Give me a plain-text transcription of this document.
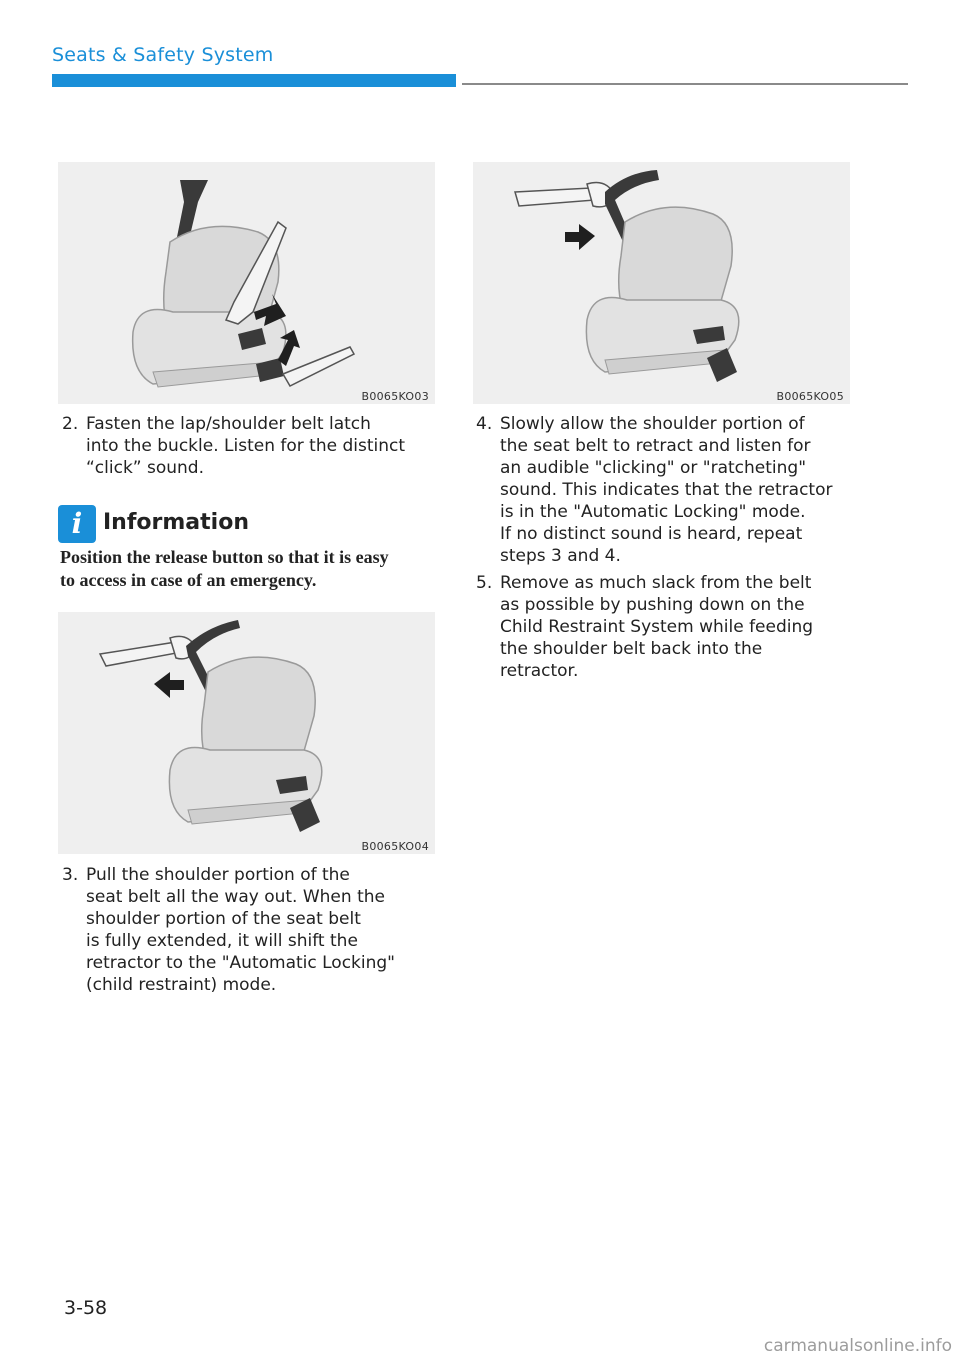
Seats & Safety System
B0065KO03
2. Fasten the lap/shoulder belt latch
into the buckle. Listen for the distinct
“click” sound.
i Information
Position the release button so that it is easy
to access in case of an emergency.
B0065KO04
3. Pull the shoulder portion of the
seat belt all the way out. When the
shoulder portion of the seat belt
is fully extended, it will shift the
retractor to the "Automatic Locking"
(child restraint) mode.
B0065KO05
4. Slowly allow the shoulder portion of
the seat belt to retract and listen for
an audible "clicking" or "ratcheting"
sound. This indicates that the retractor
is in the "Automatic Locking" mode.
If no distinct sound is heard, repeat
steps 3 and 4.
5. Remove as much slack from the belt
as possible by pushing down on the
Child Restraint System while feeding
the shoulder belt back into the
retractor.
3-58
carmanualsonline.info
